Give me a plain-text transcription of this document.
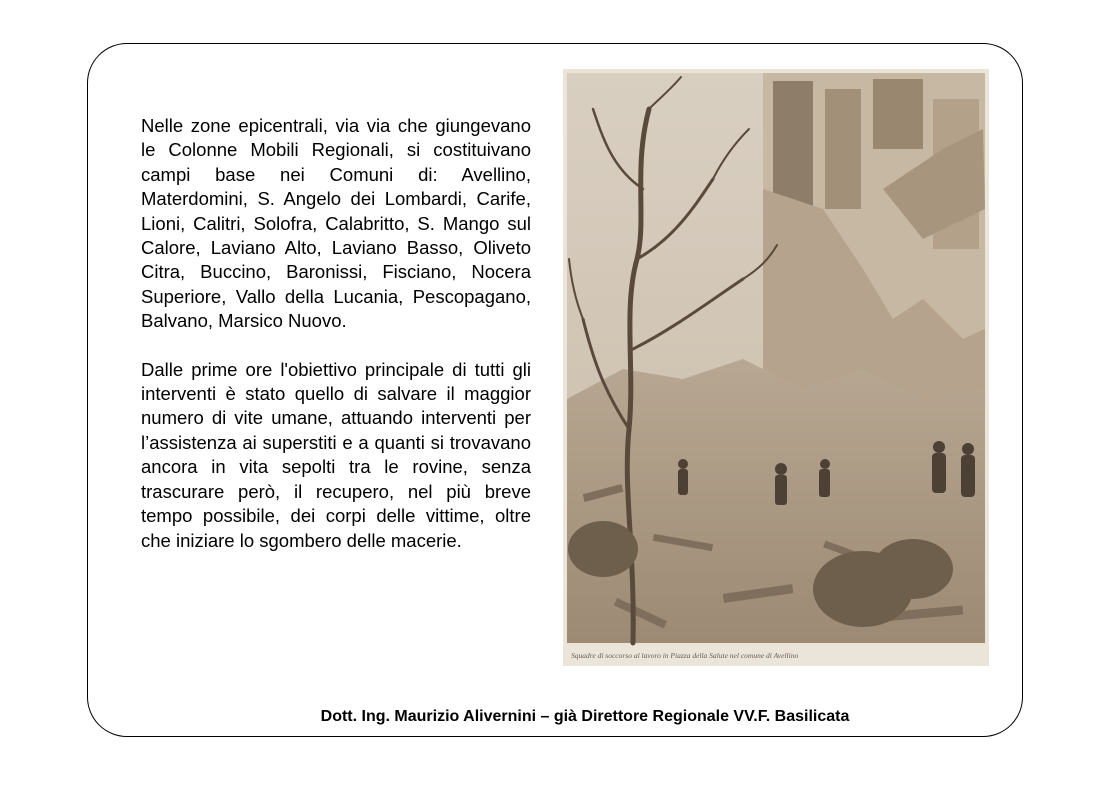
Nelle zone epicentrali, via via che giungevano le Colonne Mobili Regionali, si costituivano campi base nei Comuni di: Avellino, Materdomini, S. Angelo dei Lombardi, Carife, Lioni, Calitri, Solofra, Calabritto, S. Mango sul Calore, Laviano Alto, Laviano Basso, Oliveto Citra, Buccino, Baronissi, Fisciano, Nocera Superiore, Vallo della Lucania, Pescopagano, Balvano, Marsico Nuovo.

Dalle prime ore l'obiettivo principale di tutti gli interventi è stato quello di salvare il maggior numero di vite umane, attuando interventi per l’assistenza ai superstiti e a quanti si trovavano ancora in vita sepolti tra le rovine, senza trascurare però, il recupero, nel più breve tempo possibile, dei corpi delle vittime, oltre che iniziare lo sgombero delle macerie.

Squadre di soccorso al lavoro in Piazza della Salute nel comune di Avellino
Dott. Ing. Maurizio Alivernini – già Direttore Regionale VV.F. Basilicata
